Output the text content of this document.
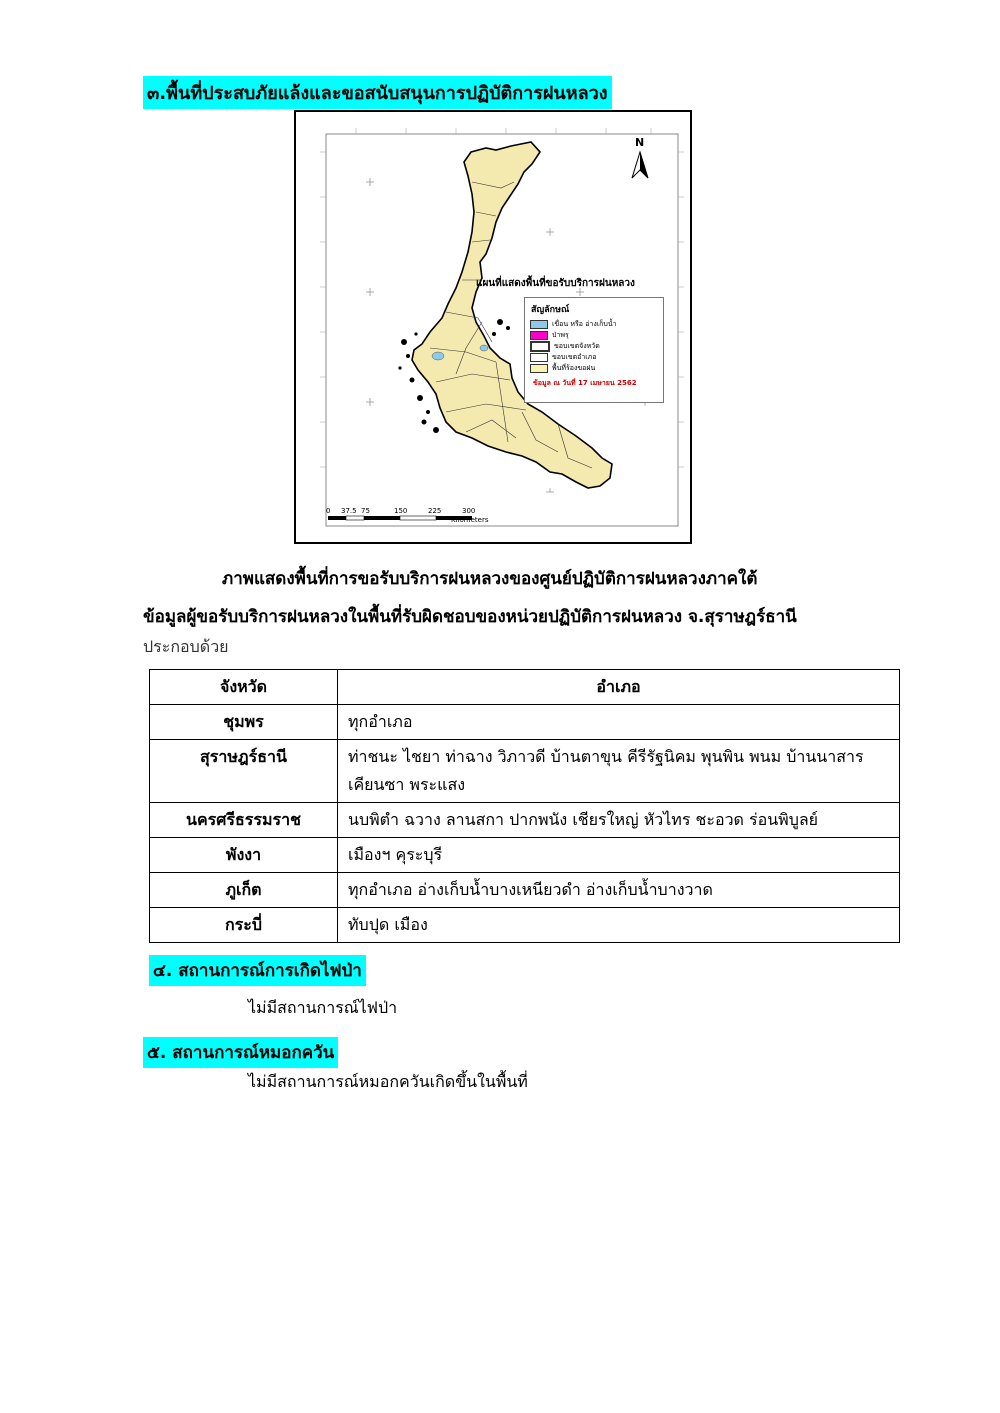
๓.พื้นที่ประสบภัยแล้งและขอสนับสนุนการปฏิบัติการฝนหลวง
N
แผนที่แสดงพื้นที่ขอรับบริการฝนหลวง
สัญลักษณ์
เขื่อน หรือ อ่างเก็บน้ำ
ป่าพรุ
ขอบเขตจังหวัด
ขอบเขตอำเภอ
พื้นที่ร้องขอฝน
ข้อมูล ณ วันที่ 17 เมษายน 2562
0 37.5 75	150	225	300
Kilometers
ภาพแสดงพื้นที่การขอรับบริการฝนหลวงของศูนย์ปฏิบัติการฝนหลวงภาคใต้
ข้อมูลผู้ขอรับบริการฝนหลวงในพื้นที่รับผิดชอบของหน่วยปฏิบัติการฝนหลวง จ.สุราษฎร์ธานี
ประกอบด้วย
จังหวัด	อำเภอ
ชุมพร	ทุกอำเภอ
สุราษฎร์ธานี	ท่าชนะ ไชยา ท่าฉาง วิภาวดี บ้านตาขุน คีรีรัฐนิคม พุนพิน พนม บ้านนาสาร เคียนซา พระแสง
นครศรีธรรมราช	นบพิตำ ฉวาง ลานสกา ปากพนัง เชียรใหญ่ หัวไทร ชะอวด ร่อนพิบูลย์
พังงา	เมืองฯ คุระบุรี
ภูเก็ต	ทุกอำเภอ อ่างเก็บน้ำบางเหนียวดำ อ่างเก็บน้ำบางวาด
กระบี่	ทับปุด เมือง
๔. สถานการณ์การเกิดไฟป่า
ไม่มีสถานการณ์ไฟป่า
๕. สถานการณ์หมอกควัน
ไม่มีสถานการณ์หมอกควันเกิดขึ้นในพื้นที่
